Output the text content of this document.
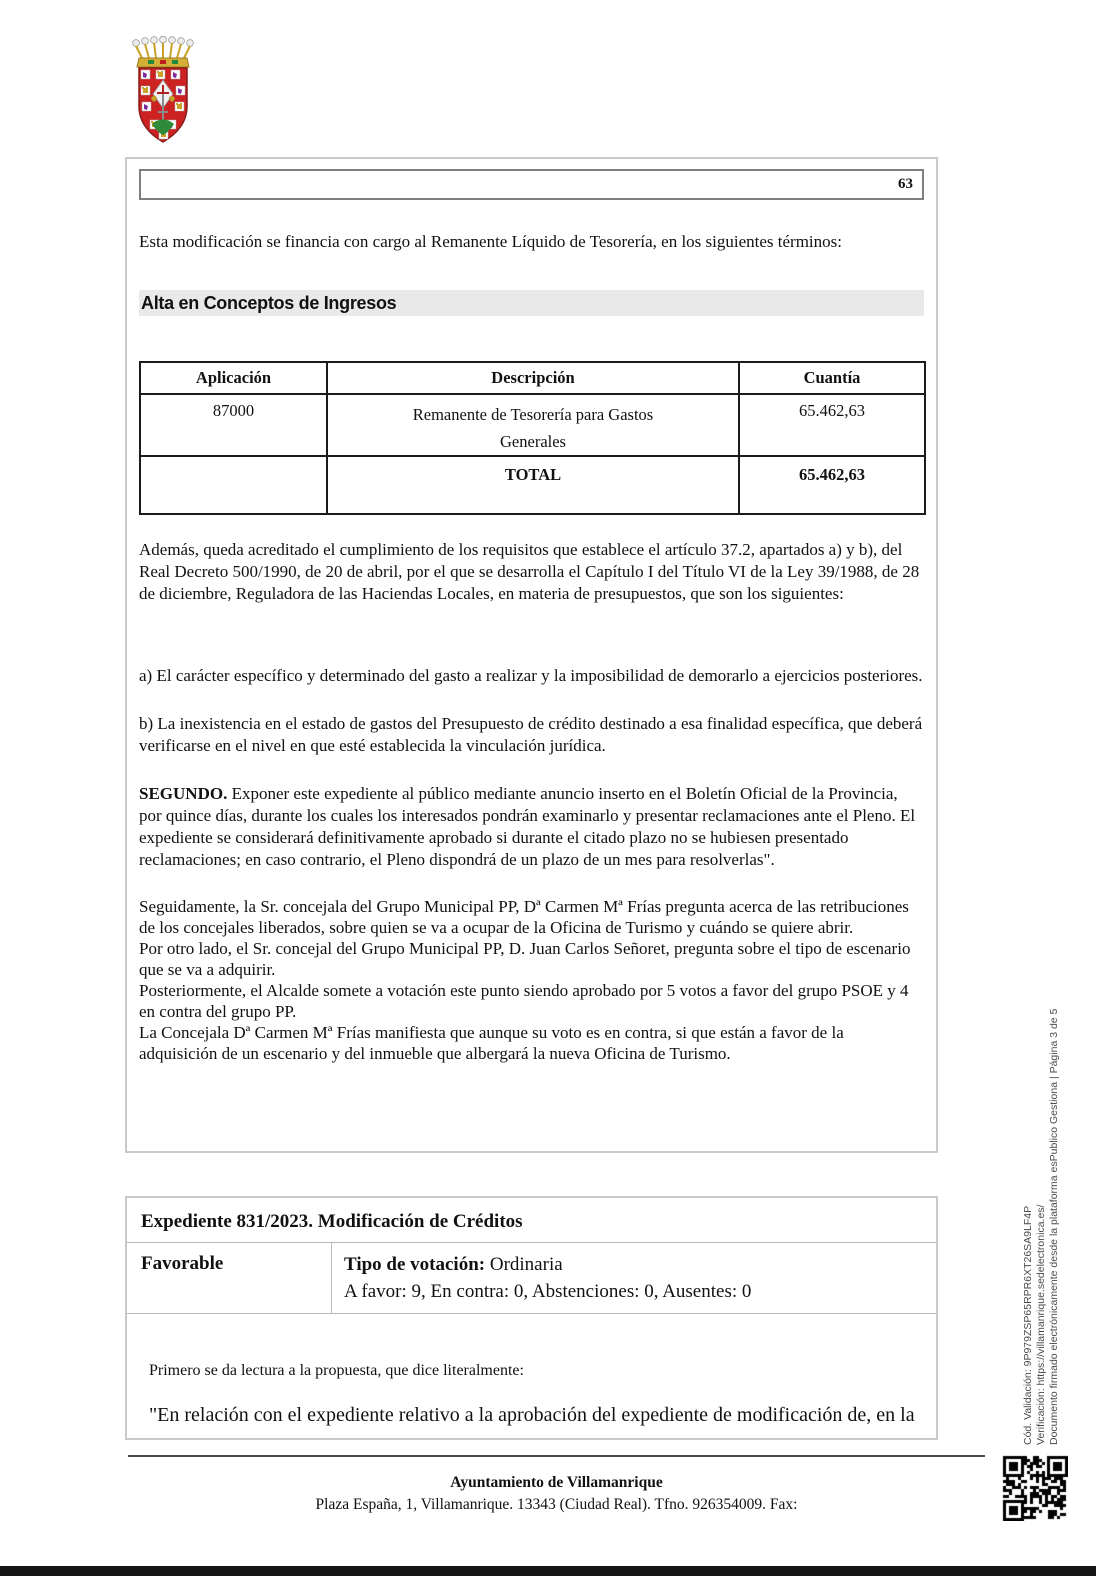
63

Esta modificación se financia con cargo al Remanente Líquido de Tesorería, en los siguientes términos:

Alta en Conceptos de Ingresos
Aplicación	Descripción	Cuantía
87000	Remanente de Tesorería para Gastos Generales	65.462,63
	TOTAL	65.462,63

Además, queda acreditado el cumplimiento de los requisitos que establece el artículo 37.2, apartados a) y b), del Real Decreto 500/1990, de 20 de abril, por el que se desarrolla el Capítulo I del Título VI de la Ley 39/1988, de 28 de diciembre, Reguladora de las Haciendas Locales, en materia de presupuestos, que son los siguientes:

a) El carácter específico y determinado del gasto a realizar y la imposibilidad de demorarlo a ejercicios posteriores.

b) La inexistencia en el estado de gastos del Presupuesto de crédito destinado a esa finalidad específica, que deberá verificarse en el nivel en que esté establecida la vinculación jurídica.

SEGUNDO. Exponer este expediente al público mediante anuncio inserto en el Boletín Oficial de la Provincia, por quince días, durante los cuales los interesados pondrán examinarlo y presentar reclamaciones ante el Pleno. El expediente se considerará definitivamente aprobado si durante el citado plazo no se hubiesen presentado reclamaciones; en caso contrario, el Pleno dispondrá de un plazo de un mes para resolverlas".

Seguidamente, la Sr. concejala del Grupo Municipal PP, Dª Carmen Mª Frías pregunta acerca de las retribuciones de los concejales liberados, sobre quien se va a ocupar de la Oficina de Turismo y cuándo se quiere abrir.

Por otro lado, el Sr. concejal del Grupo Municipal PP, D. Juan Carlos Señoret, pregunta sobre el tipo de escenario que se va a adquirir.

Posteriormente, el Alcalde somete a votación este punto siendo aprobado por 5 votos a favor del grupo PSOE y 4 en contra del grupo PP.

La Concejala Dª Carmen Mª Frías manifiesta que aunque su voto es en contra, si que están a favor de la adquisición de un escenario y del inmueble que albergará la nueva Oficina de Turismo.

Expediente 831/2023. Modificación de Créditos
Favorable	Tipo de votación: Ordinaria
A favor: 9, En contra: 0, Abstenciones: 0, Ausentes: 0

Primero se da lectura a la propuesta, que dice literalmente:

"En relación con el expediente relativo a la aprobación del expediente de modificación de, en la

Ayuntamiento de Villamanrique
Plaza España, 1, Villamanrique. 13343 (Ciudad Real). Tfno. 926354009. Fax:
Cód. Validación: 9P979ZSP65RPR6XT26SA9LF4P Verificación: https://villamanrique.sedelectronica.es/ Documento firmado electrónicamente desde la plataforma esPublico Gestiona | Página 3 de 5
